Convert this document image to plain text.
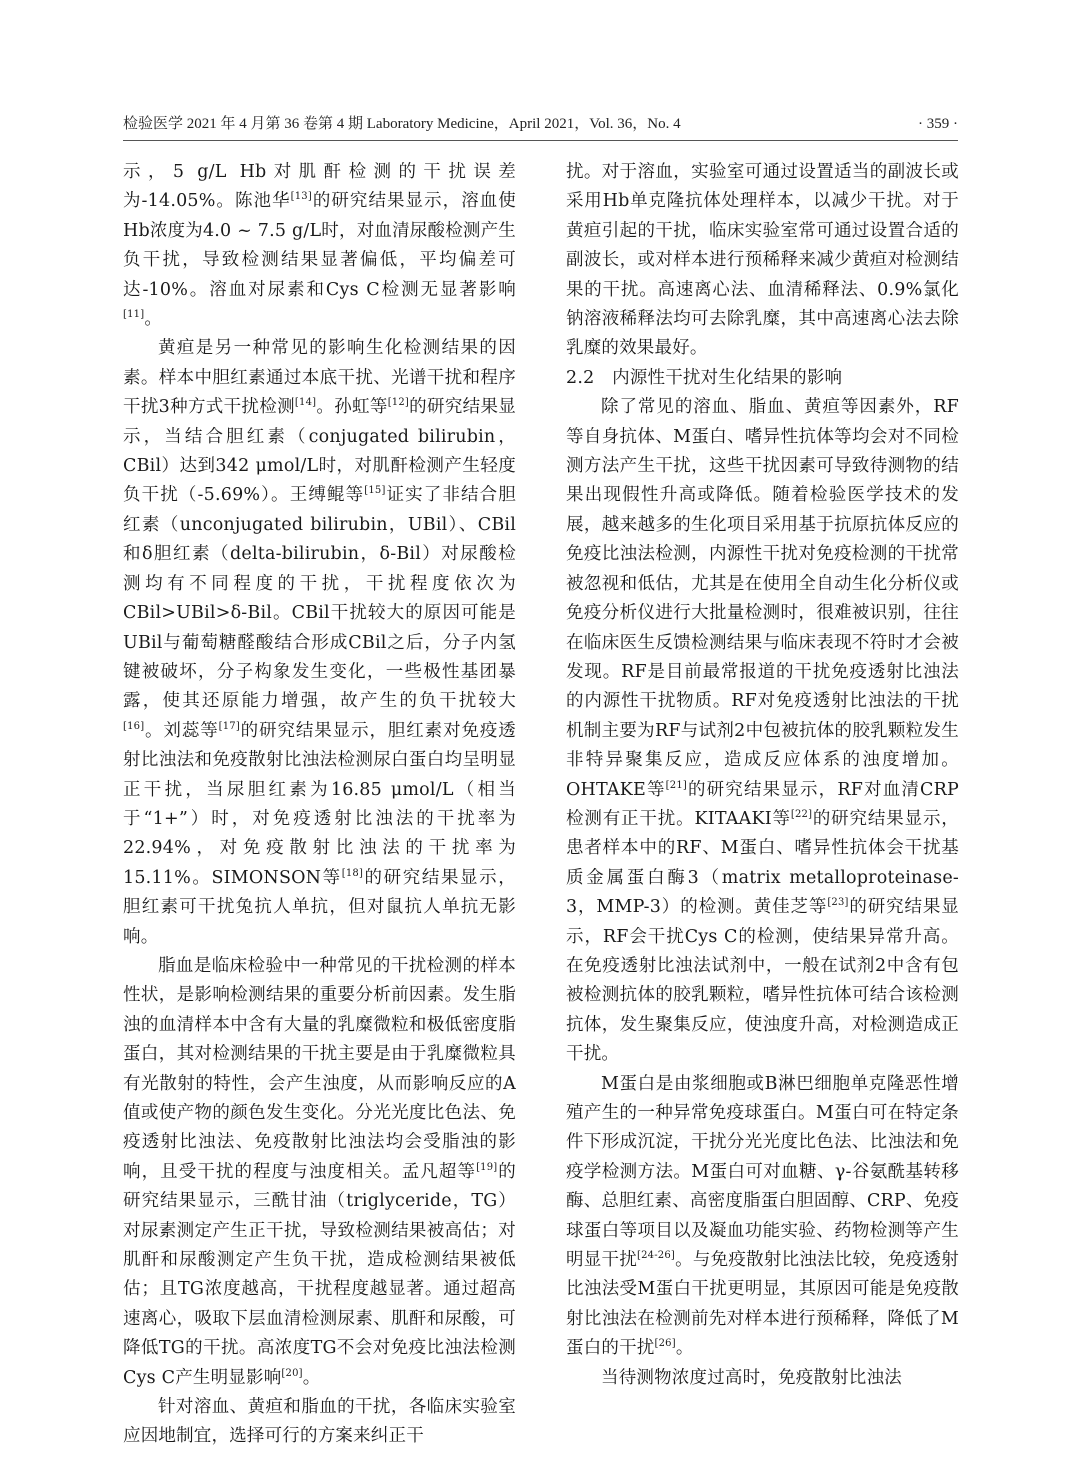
检验医学 2021 年 4 月第 36 卷第 4 期 Laboratory Medicine，April 2021，Vol. 36，No. 4	· 359 ·

示，5 g/L Hb对肌酐检测的干扰误差为-14.05%。陈池华[13]的研究结果显示，溶血使Hb浓度为4.0 ~ 7.5 g/L时，对血清尿酸检测产生负干扰，导致检测结果显著偏低，平均偏差可达-10%。溶血对尿素和Cys C检测无显著影响[11]。

黄疸是另一种常见的影响生化检测结果的因素。样本中胆红素通过本底干扰、光谱干扰和程序干扰3种方式干扰检测[14]。孙虹等[12]的研究结果显示，当结合胆红素（conjugated bilirubin，CBil）达到342 μmol/L时，对肌酐检测产生轻度负干扰（-5.69%）。王缚鲲等[15]证实了非结合胆红素（unconjugated bilirubin，UBil）、CBil和δ胆红素（delta-bilirubin，δ-Bil）对尿酸检测均有不同程度的干扰，干扰程度依次为CBil>UBil>δ-Bil。CBil干扰较大的原因可能是UBil与葡萄糖醛酸结合形成CBil之后，分子内氢键被破坏，分子构象发生变化，一些极性基团暴露，使其还原能力增强，故产生的负干扰较大[16]。刘蕊等[17]的研究结果显示，胆红素对免疫透射比浊法和免疫散射比浊法检测尿白蛋白均呈明显正干扰，当尿胆红素为16.85 μmol/L（相当于“1+”）时，对免疫透射比浊法的干扰率为22.94%，对免疫散射比浊法的干扰率为15.11%。SIMONSON等[18]的研究结果显示，胆红素可干扰兔抗人单抗，但对鼠抗人单抗无影响。

脂血是临床检验中一种常见的干扰检测的样本性状，是影响检测结果的重要分析前因素。发生脂浊的血清样本中含有大量的乳糜微粒和极低密度脂蛋白，其对检测结果的干扰主要是由于乳糜微粒具有光散射的特性，会产生浊度，从而影响反应的A值或使产物的颜色发生变化。分光光度比色法、免疫透射比浊法、免疫散射比浊法均会受脂浊的影响，且受干扰的程度与浊度相关。孟凡超等[19]的研究结果显示，三酰甘油（triglyceride，TG）对尿素测定产生正干扰，导致检测结果被高估；对肌酐和尿酸测定产生负干扰，造成检测结果被低估；且TG浓度越高，干扰程度越显著。通过超高速离心，吸取下层血清检测尿素、肌酐和尿酸，可降低TG的干扰。高浓度TG不会对免疫比浊法检测Cys C产生明显影响[20]。

针对溶血、黄疸和脂血的干扰，各临床实验室应因地制宜，选择可行的方案来纠正干

扰。对于溶血，实验室可通过设置适当的副波长或采用Hb单克隆抗体处理样本，以减少干扰。对于黄疸引起的干扰，临床实验室常可通过设置合适的副波长，或对样本进行预稀释来减少黄疸对检测结果的干扰。高速离心法、血清稀释法、0.9%氯化钠溶液稀释法均可去除乳糜，其中高速离心法去除乳糜的效果最好。

2.2　内源性干扰对生化结果的影响

除了常见的溶血、脂血、黄疸等因素外，RF等自身抗体、M蛋白、嗜异性抗体等均会对不同检测方法产生干扰，这些干扰因素可导致待测物的结果出现假性升高或降低。随着检验医学技术的发展，越来越多的生化项目采用基于抗原抗体反应的免疫比浊法检测，内源性干扰对免疫检测的干扰常被忽视和低估，尤其是在使用全自动生化分析仪或免疫分析仪进行大批量检测时，很难被识别，往往在临床医生反馈检测结果与临床表现不符时才会被发现。RF是目前最常报道的干扰免疫透射比浊法的内源性干扰物质。RF对免疫透射比浊法的干扰机制主要为RF与试剂2中包被抗体的胶乳颗粒发生非特异聚集反应，造成反应体系的浊度增加。OHTAKE等[21]的研究结果显示，RF对血清CRP检测有正干扰。KITAAKI等[22]的研究结果显示，患者样本中的RF、M蛋白、嗜异性抗体会干扰基质金属蛋白酶3（matrix metalloproteinase-3，MMP-3）的检测。黄佳芝等[23]的研究结果显示，RF会干扰Cys C的检测，使结果异常升高。在免疫透射比浊法试剂中，一般在试剂2中含有包被检测抗体的胶乳颗粒，嗜异性抗体可结合该检测抗体，发生聚集反应，使浊度升高，对检测造成正干扰。

M蛋白是由浆细胞或B淋巴细胞单克隆恶性增殖产生的一种异常免疫球蛋白。M蛋白可在特定条件下形成沉淀，干扰分光光度比色法、比浊法和免疫学检测方法。M蛋白可对血糖、γ-谷氨酰基转移酶、总胆红素、高密度脂蛋白胆固醇、CRP、免疫球蛋白等项目以及凝血功能实验、药物检测等产生明显干扰[24-26]。与免疫散射比浊法比较，免疫透射比浊法受M蛋白干扰更明显，其原因可能是免疫散射比浊法在检测前先对样本进行预稀释，降低了M蛋白的干扰[26]。

当待测物浓度过高时，免疫散射比浊法
